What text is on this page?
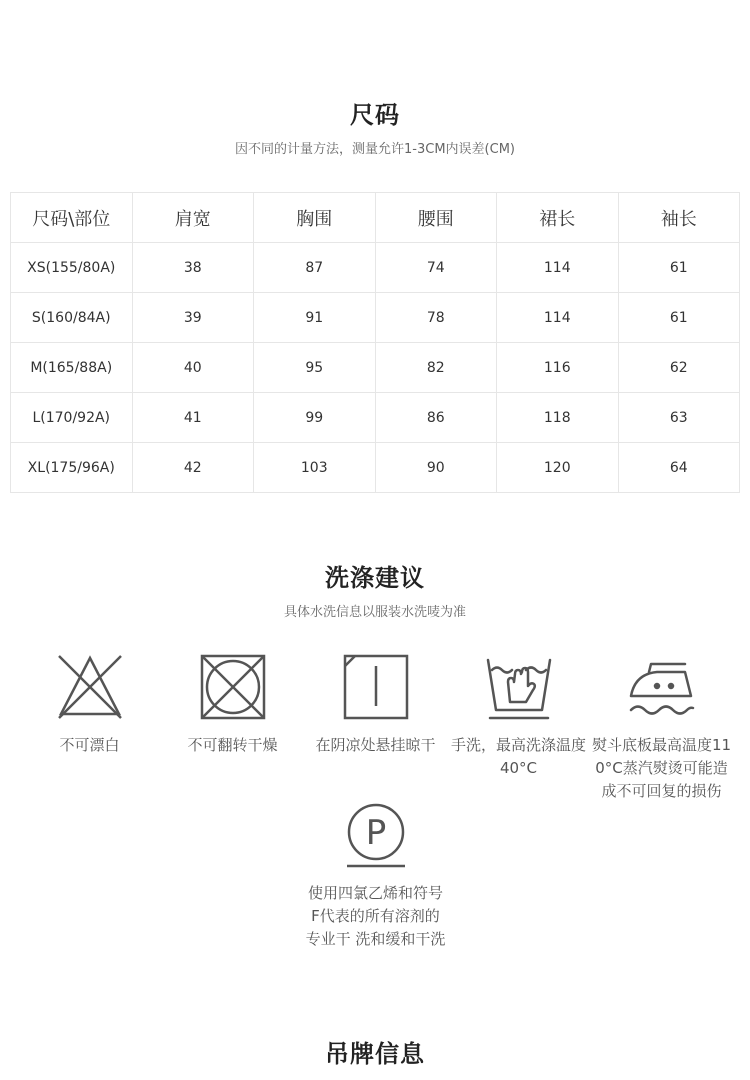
尺码
因不同的计量方法，测量允许1-3CM内误差(CM)
尺码\部位	肩宽	胸围	腰围	裙长	袖长
XS(155/80A)	38	87	74	114	61
S(160/84A)	39	91	78	114	61
M(165/88A)	40	95	82	116	62
L(170/92A)	41	99	86	118	63
XL(175/96A)	42	103	90	120	64
洗涤建议
具体水洗信息以服装水洗唛为准
不可漂白	不可翻转干燥	在阴凉处悬挂晾干	手洗，最高洗涤温度40°C
熨斗底板最高温度110°C蒸汽熨烫可能造成不可回复的损伤
P
使用四氯乙烯和符号F代表的所有溶剂的专业干 洗和缓和干洗
吊牌信息
